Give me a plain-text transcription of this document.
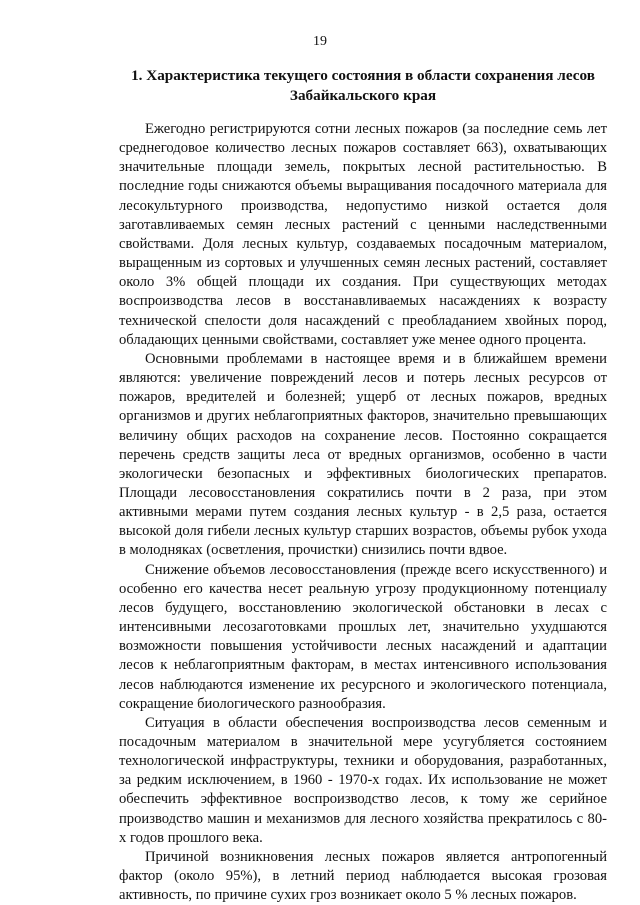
19
1. Характеристика текущего состояния в области сохранения лесов Забайкальского края

Ежегодно регистрируются сотни лесных пожаров (за последние семь лет среднегодовое количество лесных пожаров составляет 663), охватывающих значительные площади земель, покрытых лесной растительностью. В последние годы снижаются объемы выращивания посадочного материала для лесокультурного производства, недопустимо низкой остается доля заготавливаемых семян лесных растений с ценными наследственными свойствами. Доля лесных культур, создаваемых посадочным материалом, выращенным из сортовых и улучшенных семян лесных растений, составляет около 3% общей площади их создания. При существующих методах воспроизводства лесов в восстанавливаемых насаждениях к возрасту технической спелости доля насаждений с преобладанием хвойных пород, обладающих ценными свойствами, составляет уже менее одного процента.

Основными проблемами в настоящее время и в ближайшем времени являются: увеличение повреждений лесов и потерь лесных ресурсов от пожаров, вредителей и болезней; ущерб от лесных пожаров, вредных организмов и других неблагоприятных факторов, значительно превышающих величину общих расходов на сохранение лесов. Постоянно сокращается перечень средств защиты леса от вредных организмов, особенно в части экологически безопасных и эффективных биологических препаратов. Площади лесовосстановления сократились почти в 2 раза, при этом активными мерами путем создания лесных культур - в 2,5 раза, остается высокой доля гибели лесных культур старших возрастов, объемы рубок ухода в молодняках (осветления, прочистки) снизились почти вдвое.

Снижение объемов лесовосстановления (прежде всего искусственного) и особенно его качества несет реальную угрозу продукционному потенциалу лесов будущего, восстановлению экологической обстановки в лесах с интенсивными лесозаготовками прошлых лет, значительно ухудшаются возможности повышения устойчивости лесных насаждений и адаптации лесов к неблагоприятным факторам, в местах интенсивного использования лесов наблюдаются изменение их ресурсного и экологического потенциала, сокращение биологического разнообразия.

Ситуация в области обеспечения воспроизводства лесов семенным и посадочным материалом в значительной мере усугубляется состоянием технологической инфраструктуры, техники и оборудования, разработанных, за редким исключением, в 1960 - 1970-х годах. Их использование не может обеспечить эффективное воспроизводство лесов, к тому же серийное производство машин и механизмов для лесного хозяйства прекратилось с 80-х годов прошлого века.

Причиной возникновения лесных пожаров является антропогенный фактор (около 95%), в летний период наблюдается высокая грозовая активность, по причине сухих гроз возникает около 5 % лесных пожаров.
